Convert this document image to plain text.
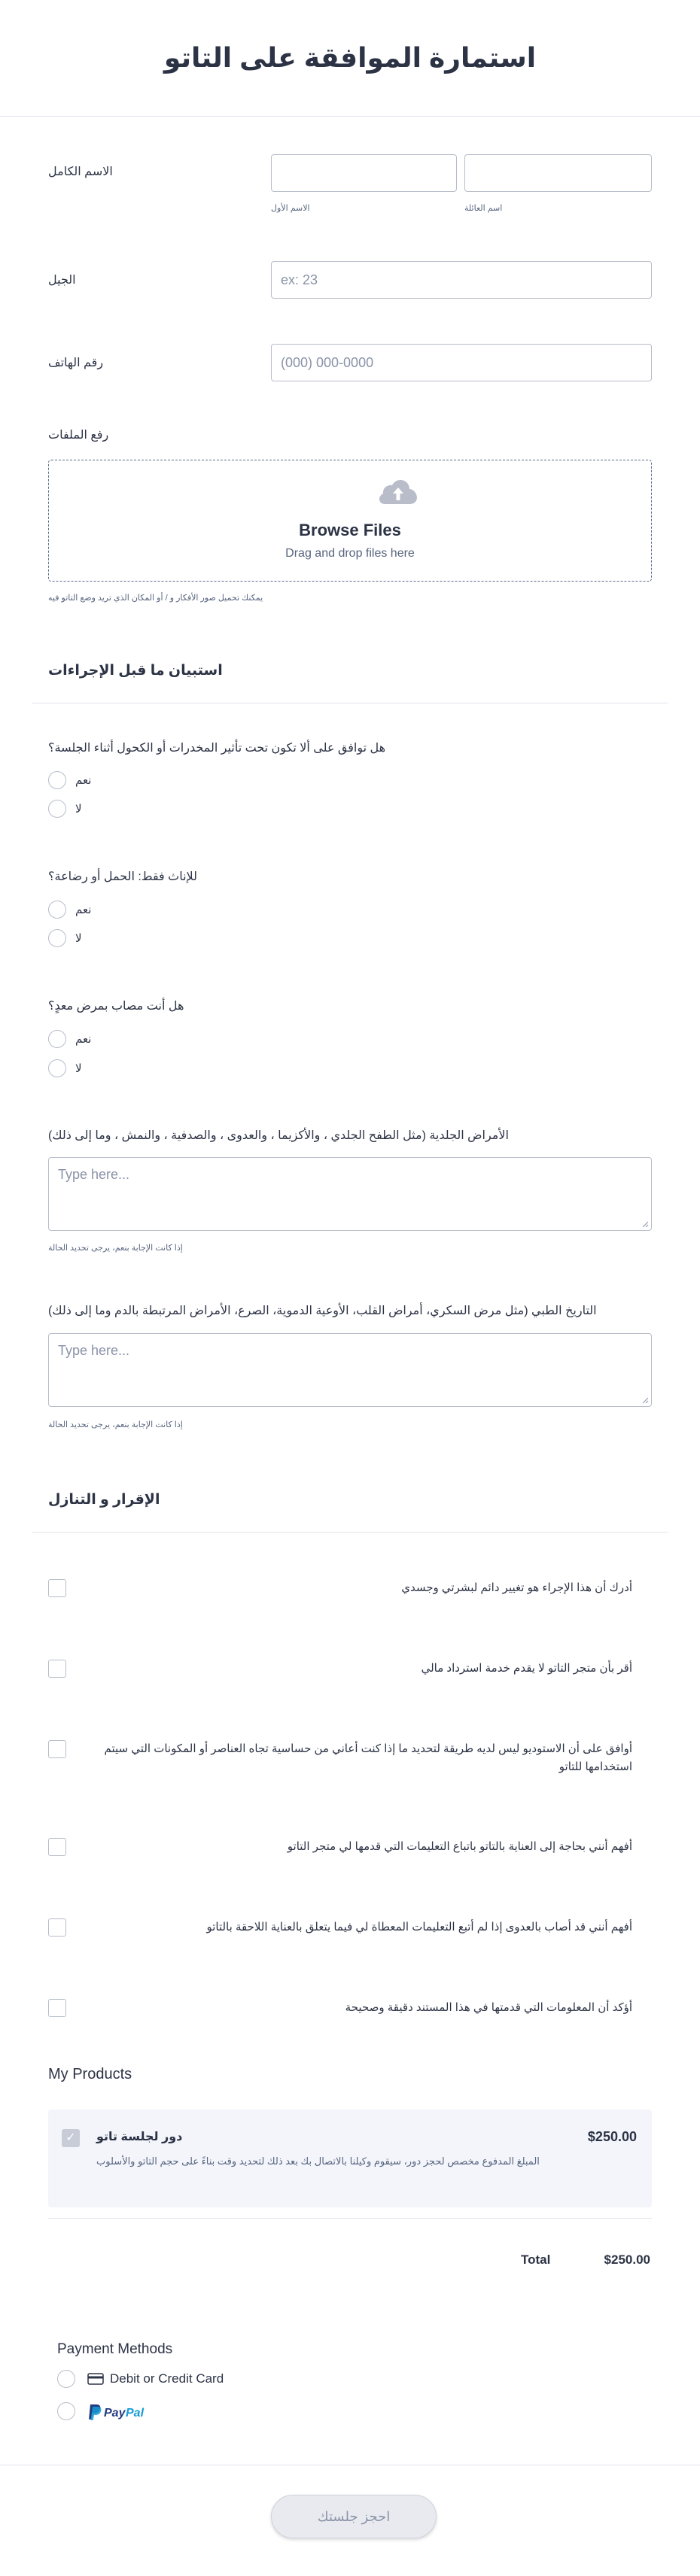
استمارة الموافقة على التاتو
الاسم الكامل
اسم العائلة
الاسم الأول
الجيل	ex: 23
رقم الهاتف	(000) 000-0000
رفع الملفات
Browse Files
Drag and drop files here
يمكنك تحميل صور الأفكار و / أو المكان الذي تريد وضع التاتو فيه
استبيان ما قبل الإجراءات
هل توافق على ألا تكون تحت تأثير المخدرات أو الكحول أثناء الجلسة؟
نعم
لا
للإناث فقط: الحمل أو رضاعة؟
نعم
لا
هل أنت مصاب بمرض معدٍ؟
نعم
لا
الأمراض الجلدية (مثل الطفح الجلدي ، والأكزيما ، والعدوى ، والصدفية ، والنمش ، وما إلى ذلك)
Type here...
إذا كانت الإجابة بنعم، يرجى تحديد الحالة
التاريخ الطبي (مثل مرض السكري، أمراض القلب، الأوعية الدموية، الصرع، الأمراض المرتبطة بالدم وما إلى ذلك)
Type here...
إذا كانت الإجابة بنعم، يرجى تحديد الحالة
الإقرار و التنازل
أدرك أن هذا الإجراء هو تغيير دائم لبشرتي وجسدي
أقر بأن متجر التاتو لا يقدم خدمة استرداد مالي
أوافق على أن الاستوديو ليس لديه طريقة لتحديد ما إذا كنت أعاني من حساسية تجاه العناصر أو المكونات التي سيتم استخدامها للتاتو
أفهم أنني بحاجة إلى العناية بالتاتو باتباع التعليمات التي قدمها لي متجر التاتو
أفهم أنني قد أصاب بالعدوى إذا لم أتبع التعليمات المعطاة لي فيما يتعلق بالعناية اللاحقة بالتاتو
أؤكد أن المعلومات التي قدمتها في هذا المستند دقيقة وصحيحة
My Products
✓	دور لجلسة تاتو
المبلغ المدفوع مخصص لحجز دور، سيقوم وكيلنا بالاتصال بك بعد ذلك لتحديد وقت بناءً على حجم التاتو والأسلوب
$250.00
Total	$250.00
Payment Methods
Debit or Credit Card
Pay Pal
احجز جلستك
